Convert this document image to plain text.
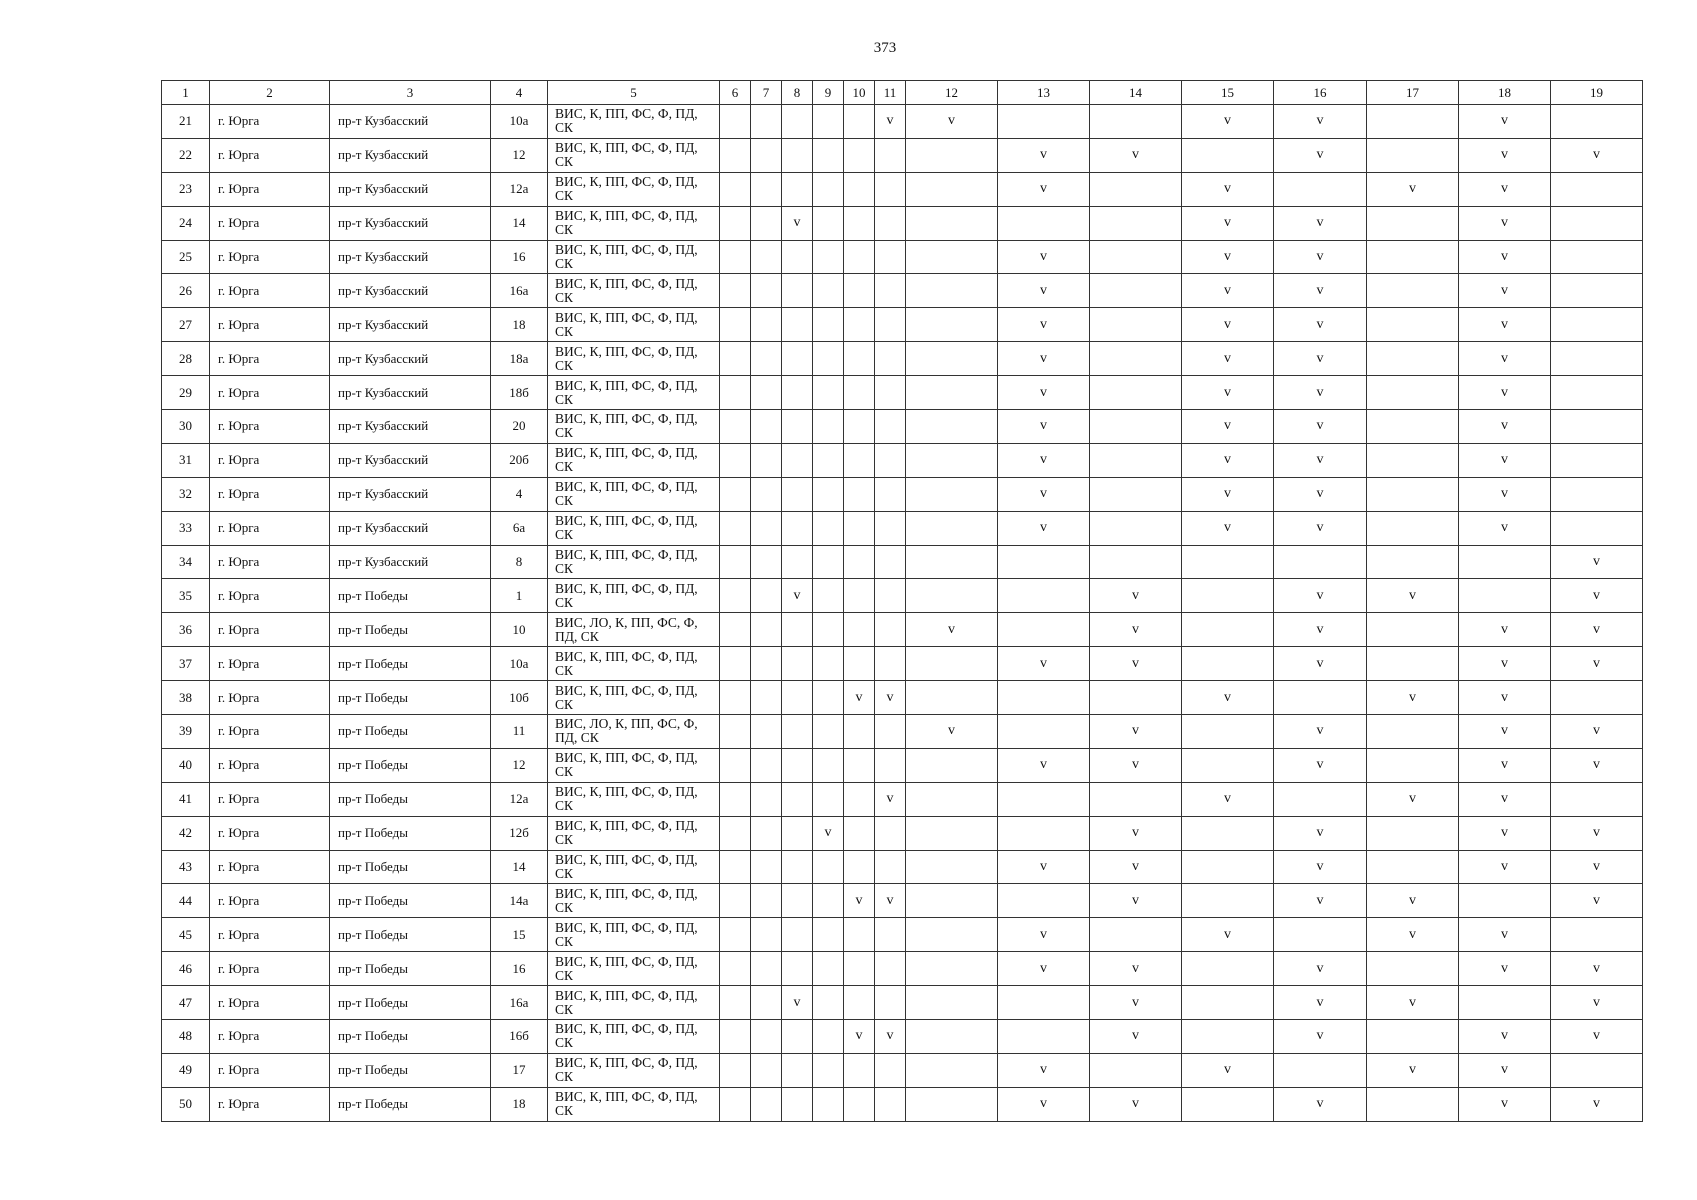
373
1	2	3	4	5	6	7	8	9	10	11	12	13	14	15	16	17	18	19
21	г. Юрга	пр-т Кузбасский	10а	ВИС, К, ПП, ФС, Ф, ПД, СК						v	v			v	v		v	
22	г. Юрга	пр-т Кузбасский	12	ВИС, К, ПП, ФС, Ф, ПД, СК								v	v		v		v	v
23	г. Юрга	пр-т Кузбасский	12а	ВИС, К, ПП, ФС, Ф, ПД, СК								v		v		v	v	
24	г. Юрга	пр-т Кузбасский	14	ВИС, К, ПП, ФС, Ф, ПД, СК			v							v	v		v	
25	г. Юрга	пр-т Кузбасский	16	ВИС, К, ПП, ФС, Ф, ПД, СК								v		v	v		v	
26	г. Юрга	пр-т Кузбасский	16а	ВИС, К, ПП, ФС, Ф, ПД, СК								v		v	v		v	
27	г. Юрга	пр-т Кузбасский	18	ВИС, К, ПП, ФС, Ф, ПД, СК								v		v	v		v	
28	г. Юрга	пр-т Кузбасский	18а	ВИС, К, ПП, ФС, Ф, ПД, СК								v		v	v		v	
29	г. Юрга	пр-т Кузбасский	18б	ВИС, К, ПП, ФС, Ф, ПД, СК								v		v	v		v	
30	г. Юрга	пр-т Кузбасский	20	ВИС, К, ПП, ФС, Ф, ПД, СК								v		v	v		v	
31	г. Юрга	пр-т Кузбасский	20б	ВИС, К, ПП, ФС, Ф, ПД, СК								v		v	v		v	
32	г. Юрга	пр-т Кузбасский	4	ВИС, К, ПП, ФС, Ф, ПД, СК								v		v	v		v	
33	г. Юрга	пр-т Кузбасский	6а	ВИС, К, ПП, ФС, Ф, ПД, СК								v		v	v		v	
34	г. Юрга	пр-т Кузбасский	8	ВИС, К, ПП, ФС, Ф, ПД, СК														v
35	г. Юрга	пр-т Победы	1	ВИС, К, ПП, ФС, Ф, ПД, СК			v						v		v	v		v
36	г. Юрга	пр-т Победы	10	ВИС, ЛО, К, ПП, ФС, Ф, ПД, СК							v		v		v		v	v
37	г. Юрга	пр-т Победы	10а	ВИС, К, ПП, ФС, Ф, ПД, СК								v	v		v		v	v
38	г. Юрга	пр-т Победы	10б	ВИС, К, ПП, ФС, Ф, ПД, СК					v	v				v		v	v	
39	г. Юрга	пр-т Победы	11	ВИС, ЛО, К, ПП, ФС, Ф, ПД, СК							v		v		v		v	v
40	г. Юрга	пр-т Победы	12	ВИС, К, ПП, ФС, Ф, ПД, СК								v	v		v		v	v
41	г. Юрга	пр-т Победы	12а	ВИС, К, ПП, ФС, Ф, ПД, СК						v				v		v	v	
42	г. Юрга	пр-т Победы	12б	ВИС, К, ПП, ФС, Ф, ПД, СК				v					v		v		v	v
43	г. Юрга	пр-т Победы	14	ВИС, К, ПП, ФС, Ф, ПД, СК								v	v		v		v	v
44	г. Юрга	пр-т Победы	14а	ВИС, К, ПП, ФС, Ф, ПД, СК					v	v			v		v	v		v
45	г. Юрга	пр-т Победы	15	ВИС, К, ПП, ФС, Ф, ПД, СК								v		v		v	v	
46	г. Юрга	пр-т Победы	16	ВИС, К, ПП, ФС, Ф, ПД, СК								v	v		v		v	v
47	г. Юрга	пр-т Победы	16а	ВИС, К, ПП, ФС, Ф, ПД, СК			v						v		v	v		v
48	г. Юрга	пр-т Победы	16б	ВИС, К, ПП, ФС, Ф, ПД, СК					v	v			v		v		v	v
49	г. Юрга	пр-т Победы	17	ВИС, К, ПП, ФС, Ф, ПД, СК								v		v		v	v	
50	г. Юрга	пр-т Победы	18	ВИС, К, ПП, ФС, Ф, ПД, СК								v	v		v		v	v
